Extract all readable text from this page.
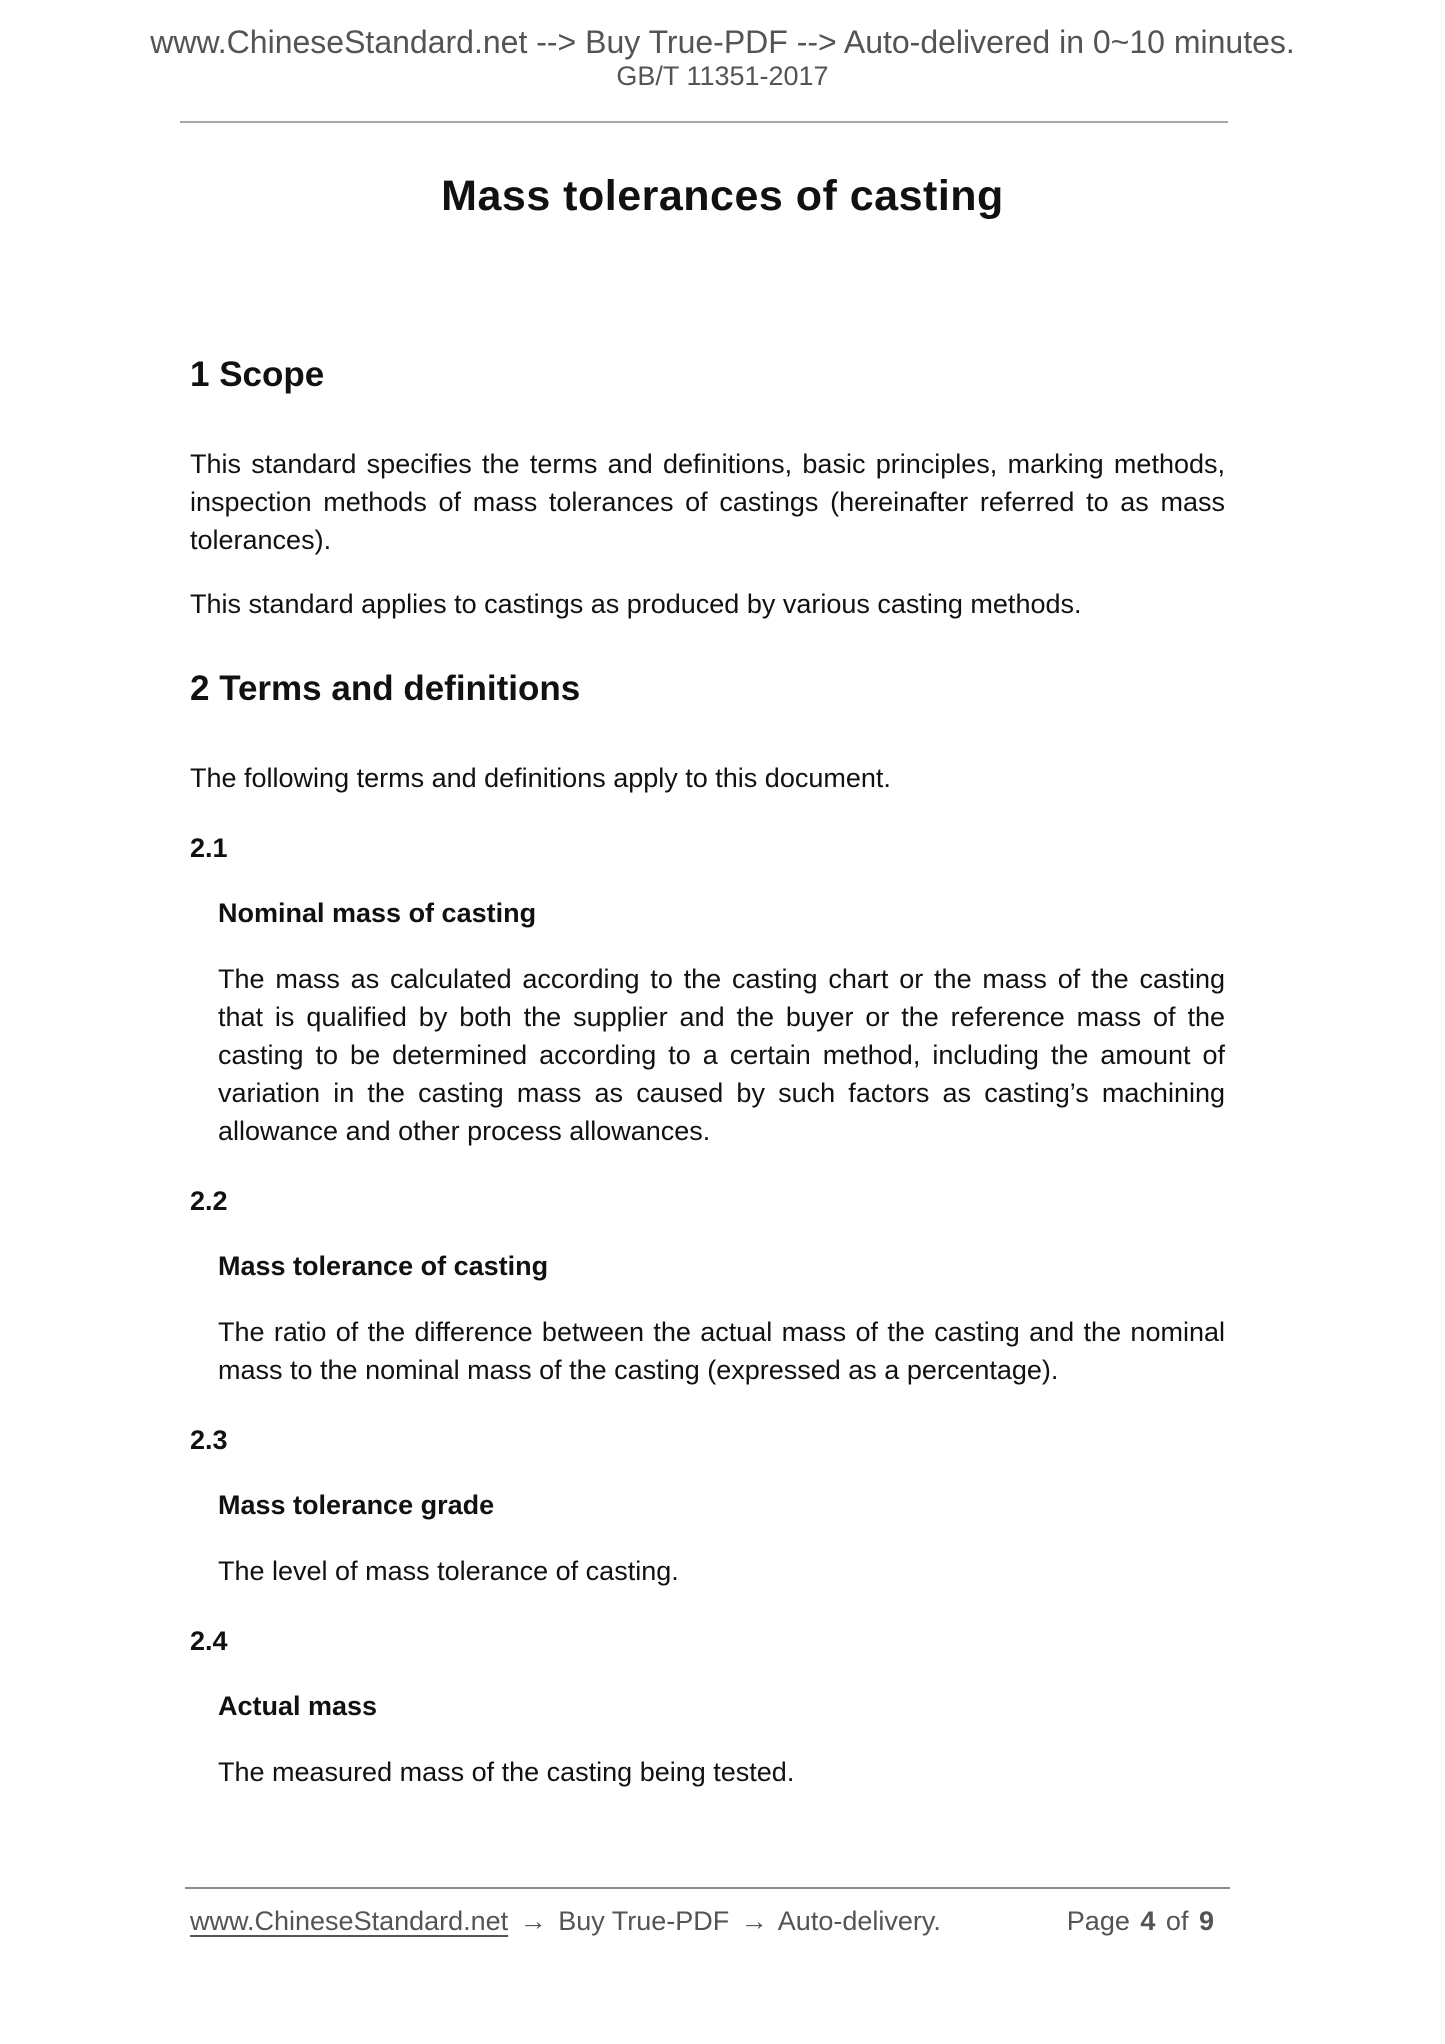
www.ChineseStandard.net --> Buy True-PDF --> Auto-delivered in 0~10 minutes.
GB/T 11351-2017
Mass tolerances of casting
1 Scope

This standard specifies the terms and definitions, basic principles, marking methods, inspection methods of mass tolerances of castings (hereinafter referred to as mass tolerances).

This standard applies to castings as produced by various casting methods.

2 Terms and definitions

The following terms and definitions apply to this document.

2.1
Nominal mass of casting

The mass as calculated according to the casting chart or the mass of the casting that is qualified by both the supplier and the buyer or the reference mass of the casting to be determined according to a certain method, including the amount of variation in the casting mass as caused by such factors as casting’s machining allowance and other process allowances.

2.2
Mass tolerance of casting

The ratio of the difference between the actual mass of the casting and the nominal mass to the nominal mass of the casting (expressed as a percentage).

2.3
Mass tolerance grade

The level of mass tolerance of casting.

2.4
Actual mass

The measured mass of the casting being tested.

www.ChineseStandard.net → Buy True-PDF → Auto-delivery.	Page 4 of 9
